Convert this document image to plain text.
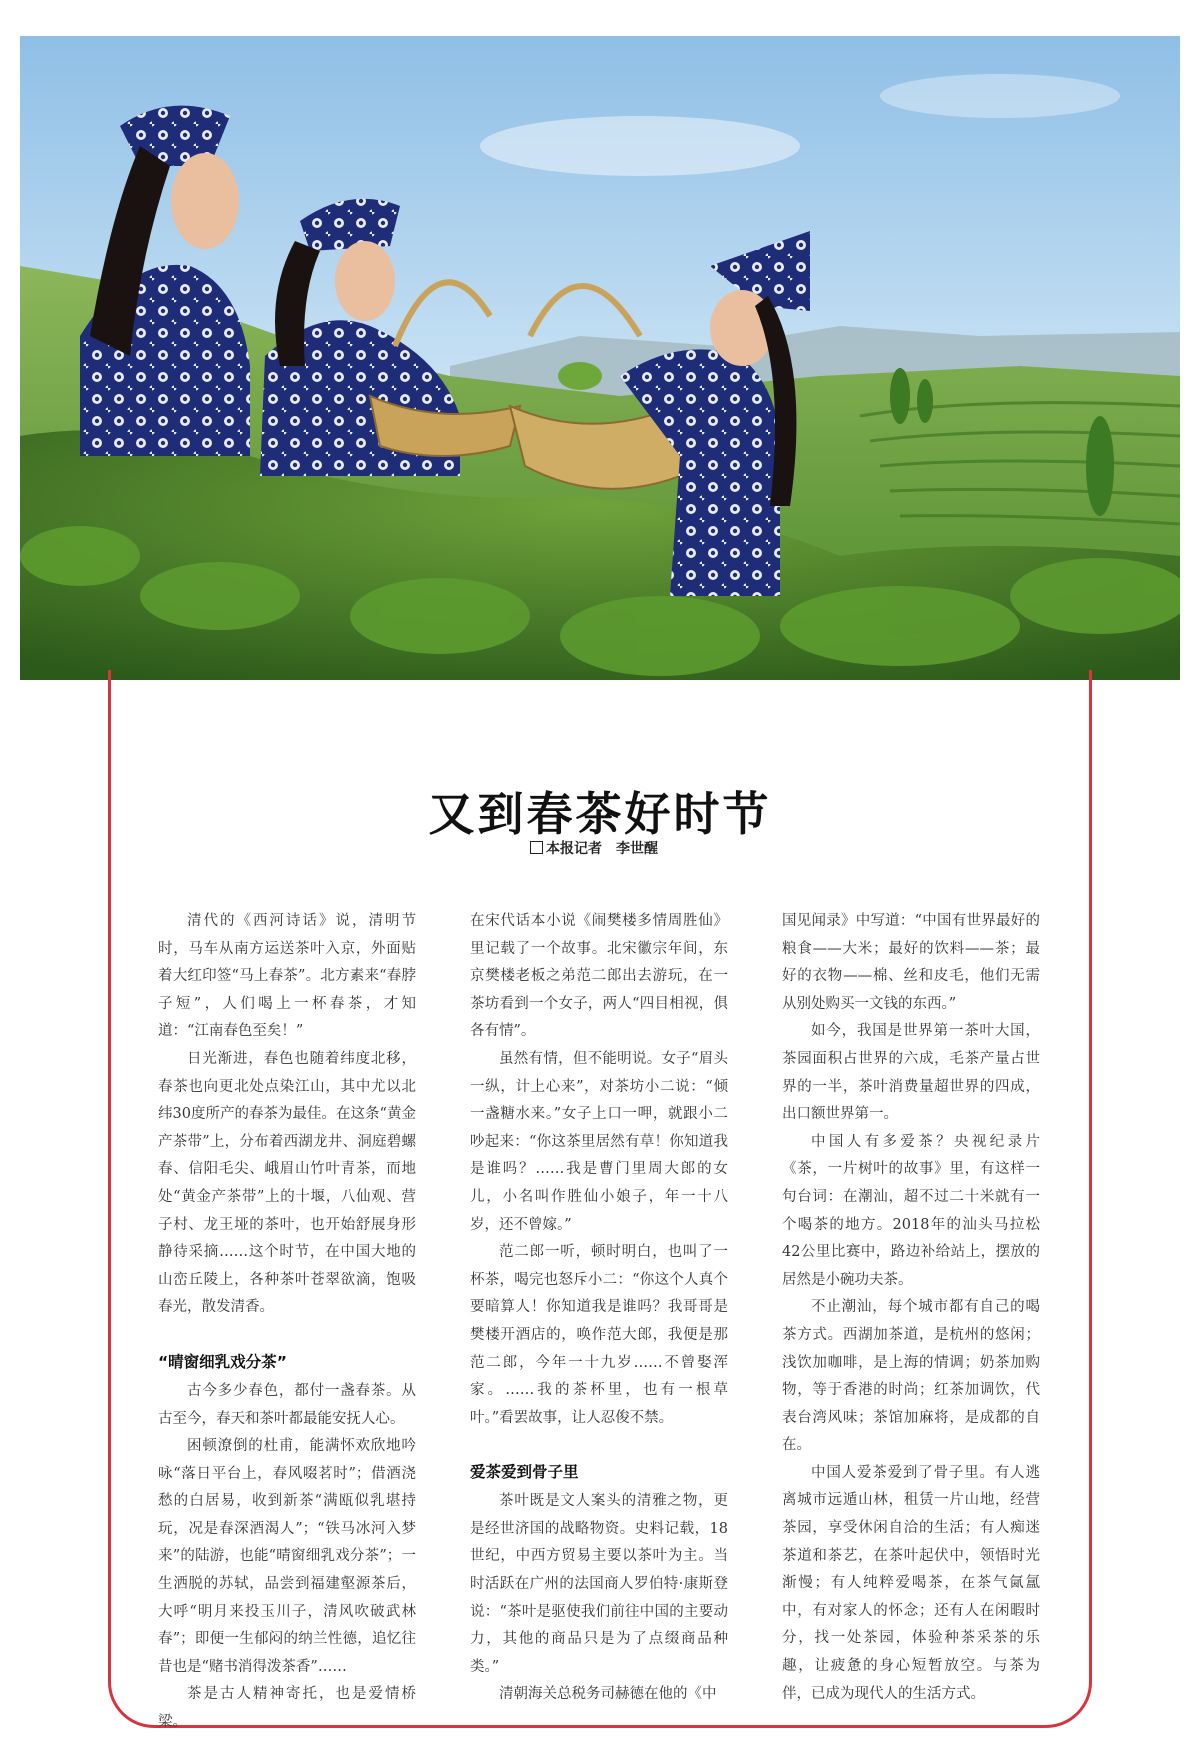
又到春茶好时节
本报记者 李世醒

清代的《西河诗话》说，清明节时，马车从南方运送茶叶入京，外面贴着大红印签“马上春茶”。北方素来“春脖子短”，人们喝上一杯春茶，才知道：“江南春色至矣！”

日光渐进，春色也随着纬度北移，春茶也向更北处点染江山，其中尤以北纬30度所产的春茶为最佳。在这条“黄金产茶带”上，分布着西湖龙井、洞庭碧螺春、信阳毛尖、峨眉山竹叶青茶，而地处“黄金产茶带”上的十堰，八仙观、营子村、龙王垭的茶叶，也开始舒展身形静待采摘……这个时节，在中国大地的山峦丘陵上，各种茶叶苍翠欲滴，饱吸春光，散发清香。

“晴窗细乳戏分茶”

古今多少春色，都付一盏春茶。从古至今，春天和茶叶都最能安抚人心。

困顿潦倒的杜甫，能满怀欢欣地吟咏“落日平台上，春风啜茗时”；借酒浇愁的白居易，收到新茶“满瓯似乳堪持玩，况是春深酒渴人”；“铁马冰河入梦来”的陆游，也能“晴窗细乳戏分茶”；一生洒脱的苏轼，品尝到福建壑源茶后，大呼“明月来投玉川子，清风吹破武林春”；即便一生郁闷的纳兰性德，追忆往昔也是“赌书消得泼茶香”……

茶是古人精神寄托，也是爱情桥梁。

在宋代话本小说《闹樊楼多情周胜仙》里记载了一个故事。北宋徽宗年间，东京樊楼老板之弟范二郎出去游玩，在一茶坊看到一个女子，两人“四目相视，俱各有情”。

虽然有情，但不能明说。女子“眉头一纵，计上心来”，对茶坊小二说：“倾一盏糖水来。”女子上口一呷，就跟小二吵起来：“你这茶里居然有草！你知道我是谁吗？……我是曹门里周大郎的女儿，小名叫作胜仙小娘子，年一十八岁，还不曾嫁。”

范二郎一听，顿时明白，也叫了一杯茶，喝完也怒斥小二：“你这个人真个要暗算人！你知道我是谁吗？我哥哥是樊楼开酒店的，唤作范大郎，我便是那范二郎，今年一十九岁……不曾娶浑家。……我的茶杯里，也有一根草叶。”看罢故事，让人忍俊不禁。

爱茶爱到骨子里

茶叶既是文人案头的清雅之物，更是经世济国的战略物资。史料记载，18世纪，中西方贸易主要以茶叶为主。当时活跃在广州的法国商人罗伯特·康斯登说：“茶叶是驱使我们前往中国的主要动力，其他的商品只是为了点缀商品种类。”

清朝海关总税务司赫德在他的《中

国见闻录》中写道：“中国有世界最好的粮食——大米；最好的饮料——茶；最好的衣物——棉、丝和皮毛，他们无需从别处购买一文钱的东西。”

如今，我国是世界第一茶叶大国，茶园面积占世界的六成，毛茶产量占世界的一半，茶叶消费量超世界的四成，出口额世界第一。

中国人有多爱茶？央视纪录片《茶，一片树叶的故事》里，有这样一句台词：在潮汕，超不过二十米就有一个喝茶的地方。2018年的汕头马拉松42公里比赛中，路边补给站上，摆放的居然是小碗功夫茶。

不止潮汕，每个城市都有自己的喝茶方式。西湖加茶道，是杭州的悠闲；浅饮加咖啡，是上海的情调；奶茶加购物，等于香港的时尚；红茶加调饮，代表台湾风味；茶馆加麻将，是成都的自在。

中国人爱茶爱到了骨子里。有人逃离城市远遁山林，租赁一片山地，经营茶园，享受休闲自洽的生活；有人痴迷茶道和茶艺，在茶叶起伏中，领悟时光渐慢；有人纯粹爱喝茶，在茶气氤氲中，有对家人的怀念；还有人在闲暇时分，找一处茶园，体验种茶采茶的乐趣，让疲惫的身心短暂放空。与茶为伴，已成为现代人的生活方式。
